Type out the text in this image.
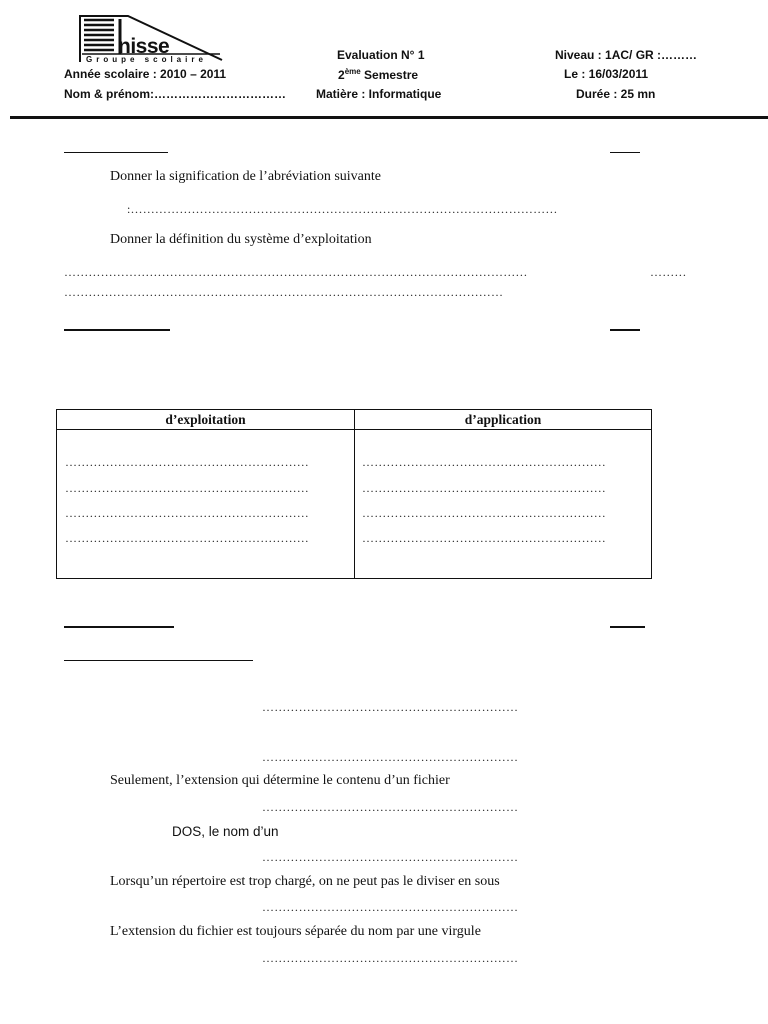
nisse
Groupe scolaire
Année scolaire : 2010 – 2011
Nom & prénom:……………………………
Evaluation N° 1
2ème Semestre
Matière : Informatique
Niveau : 1AC/ GR :………
Le : 16/03/2011
Durée : 25 mn
Donner la signification de l’abréviation suivante
:……………………………………………………………………………………………
Donner la définition du système d’exploitation
……………………………………………………………………………………………………	………
………………………………………………………………………………………………
d’exploitation	d’application
……………………………………………………	……………………………………………………
……………………………………………………	……………………………………………………
……………………………………………………	……………………………………………………
……………………………………………………	……………………………………………………
………………………………………………………
………………………………………………………
Seulement, l’extension qui détermine le contenu d’un fichier
………………………………………………………
DOS, le nom d’un
………………………………………………………
Lorsqu’un répertoire est trop chargé, on ne peut pas le diviser en sous
………………………………………………………
L’extension du fichier est toujours séparée du nom par une virgule
………………………………………………………
